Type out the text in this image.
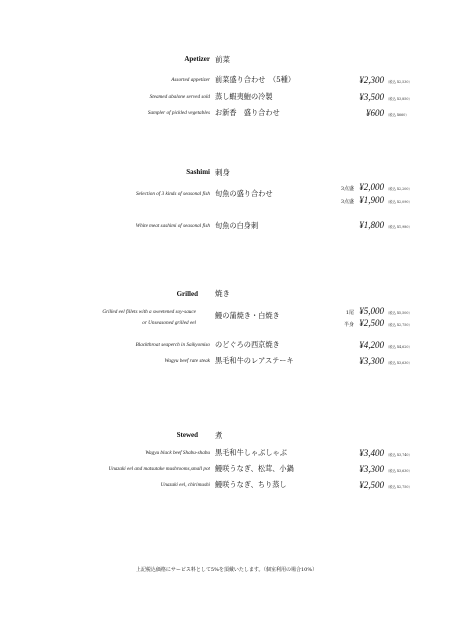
Apetizer 前菜
Assorted appetizer 前菜盛り合わせ　（5種）	¥2,300 （税込 ¥2,530）
Steamed abalone served sold 蒸し蝦夷鮑の冷製	¥3,500 （税込 ¥3,850）
Sampler of pickled vegetables お新香　盛り合わせ	¥600 （税込 ¥660）
Sashimi 刺身
Selection of 3 kinds of seasonal fish 旬魚の盛り合わせ	3点盛 ¥2,000 （税込 ¥2,200）
3点盛 ¥1,900 （税込 ¥2,090）
White meat sashimi of seasonal fish 旬魚の白身刺	¥1,800 （税込 ¥1,980）
Grilled 焼き
Grilled eel fillets with a sweetened soy-sauce
or Unseasoned grilled eel
鰻の蒲焼き・白焼き	1尾 ¥5,000 （税込 ¥5,500）
半身 ¥2,500 （税込 ¥2,750）
Blackthroat seaperch in Saikyomiso のどぐろの西京焼き	¥4,200 （税込 ¥4,620）
Wagyu beef rate steak 黒毛和牛のレアステーキ	¥3,300 （税込 ¥3,630）
Stewed 煮
Wagyu black beef Shabu-shabu 黒毛和牛しゃぶしゃぶ	¥3,400 （税込 ¥3,740）
Unazaki eel and matsutake mushrooms,small pot 鰻咲うなぎ、松茸、小鍋	¥3,300 （税込 ¥3,630）
Unazaki eel, chirimushi 鰻咲うなぎ、ちり蒸し	¥2,500 （税込 ¥2,750）
上記税込価格にサービス料として5%を頂戴いたします。（個室利用の場合10%）
